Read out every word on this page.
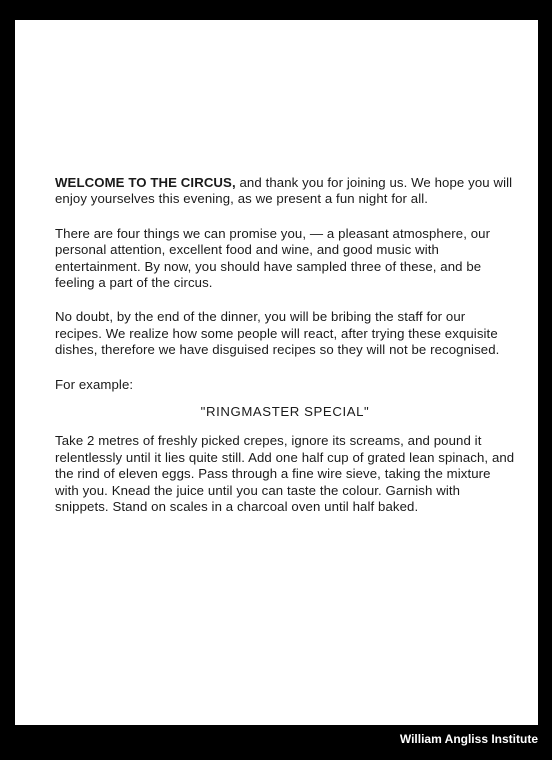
WELCOME TO THE CIRCUS, and thank you for joining us. We hope you will enjoy yourselves this evening, as we present a fun night for all.

There are four things we can promise you, — a pleasant atmosphere, our personal attention, excellent food and wine, and good music with entertainment. By now, you should have sampled three of these, and be feeling a part of the circus.

No doubt, by the end of the dinner, you will be bribing the staff for our recipes. We realize how some people will react, after trying these exquisite dishes, therefore we have disguised recipes so they will not be recognised.

For example:

"RINGMASTER SPECIAL"

Take 2 metres of freshly picked crepes, ignore its screams, and pound it relentlessly until it lies quite still. Add one half cup of grated lean spinach, and the rind of eleven eggs. Pass through a fine wire sieve, taking the mixture with you. Knead the juice until you can taste the colour. Garnish with snippets. Stand on scales in a charcoal oven until half baked.

William Angliss Institute
